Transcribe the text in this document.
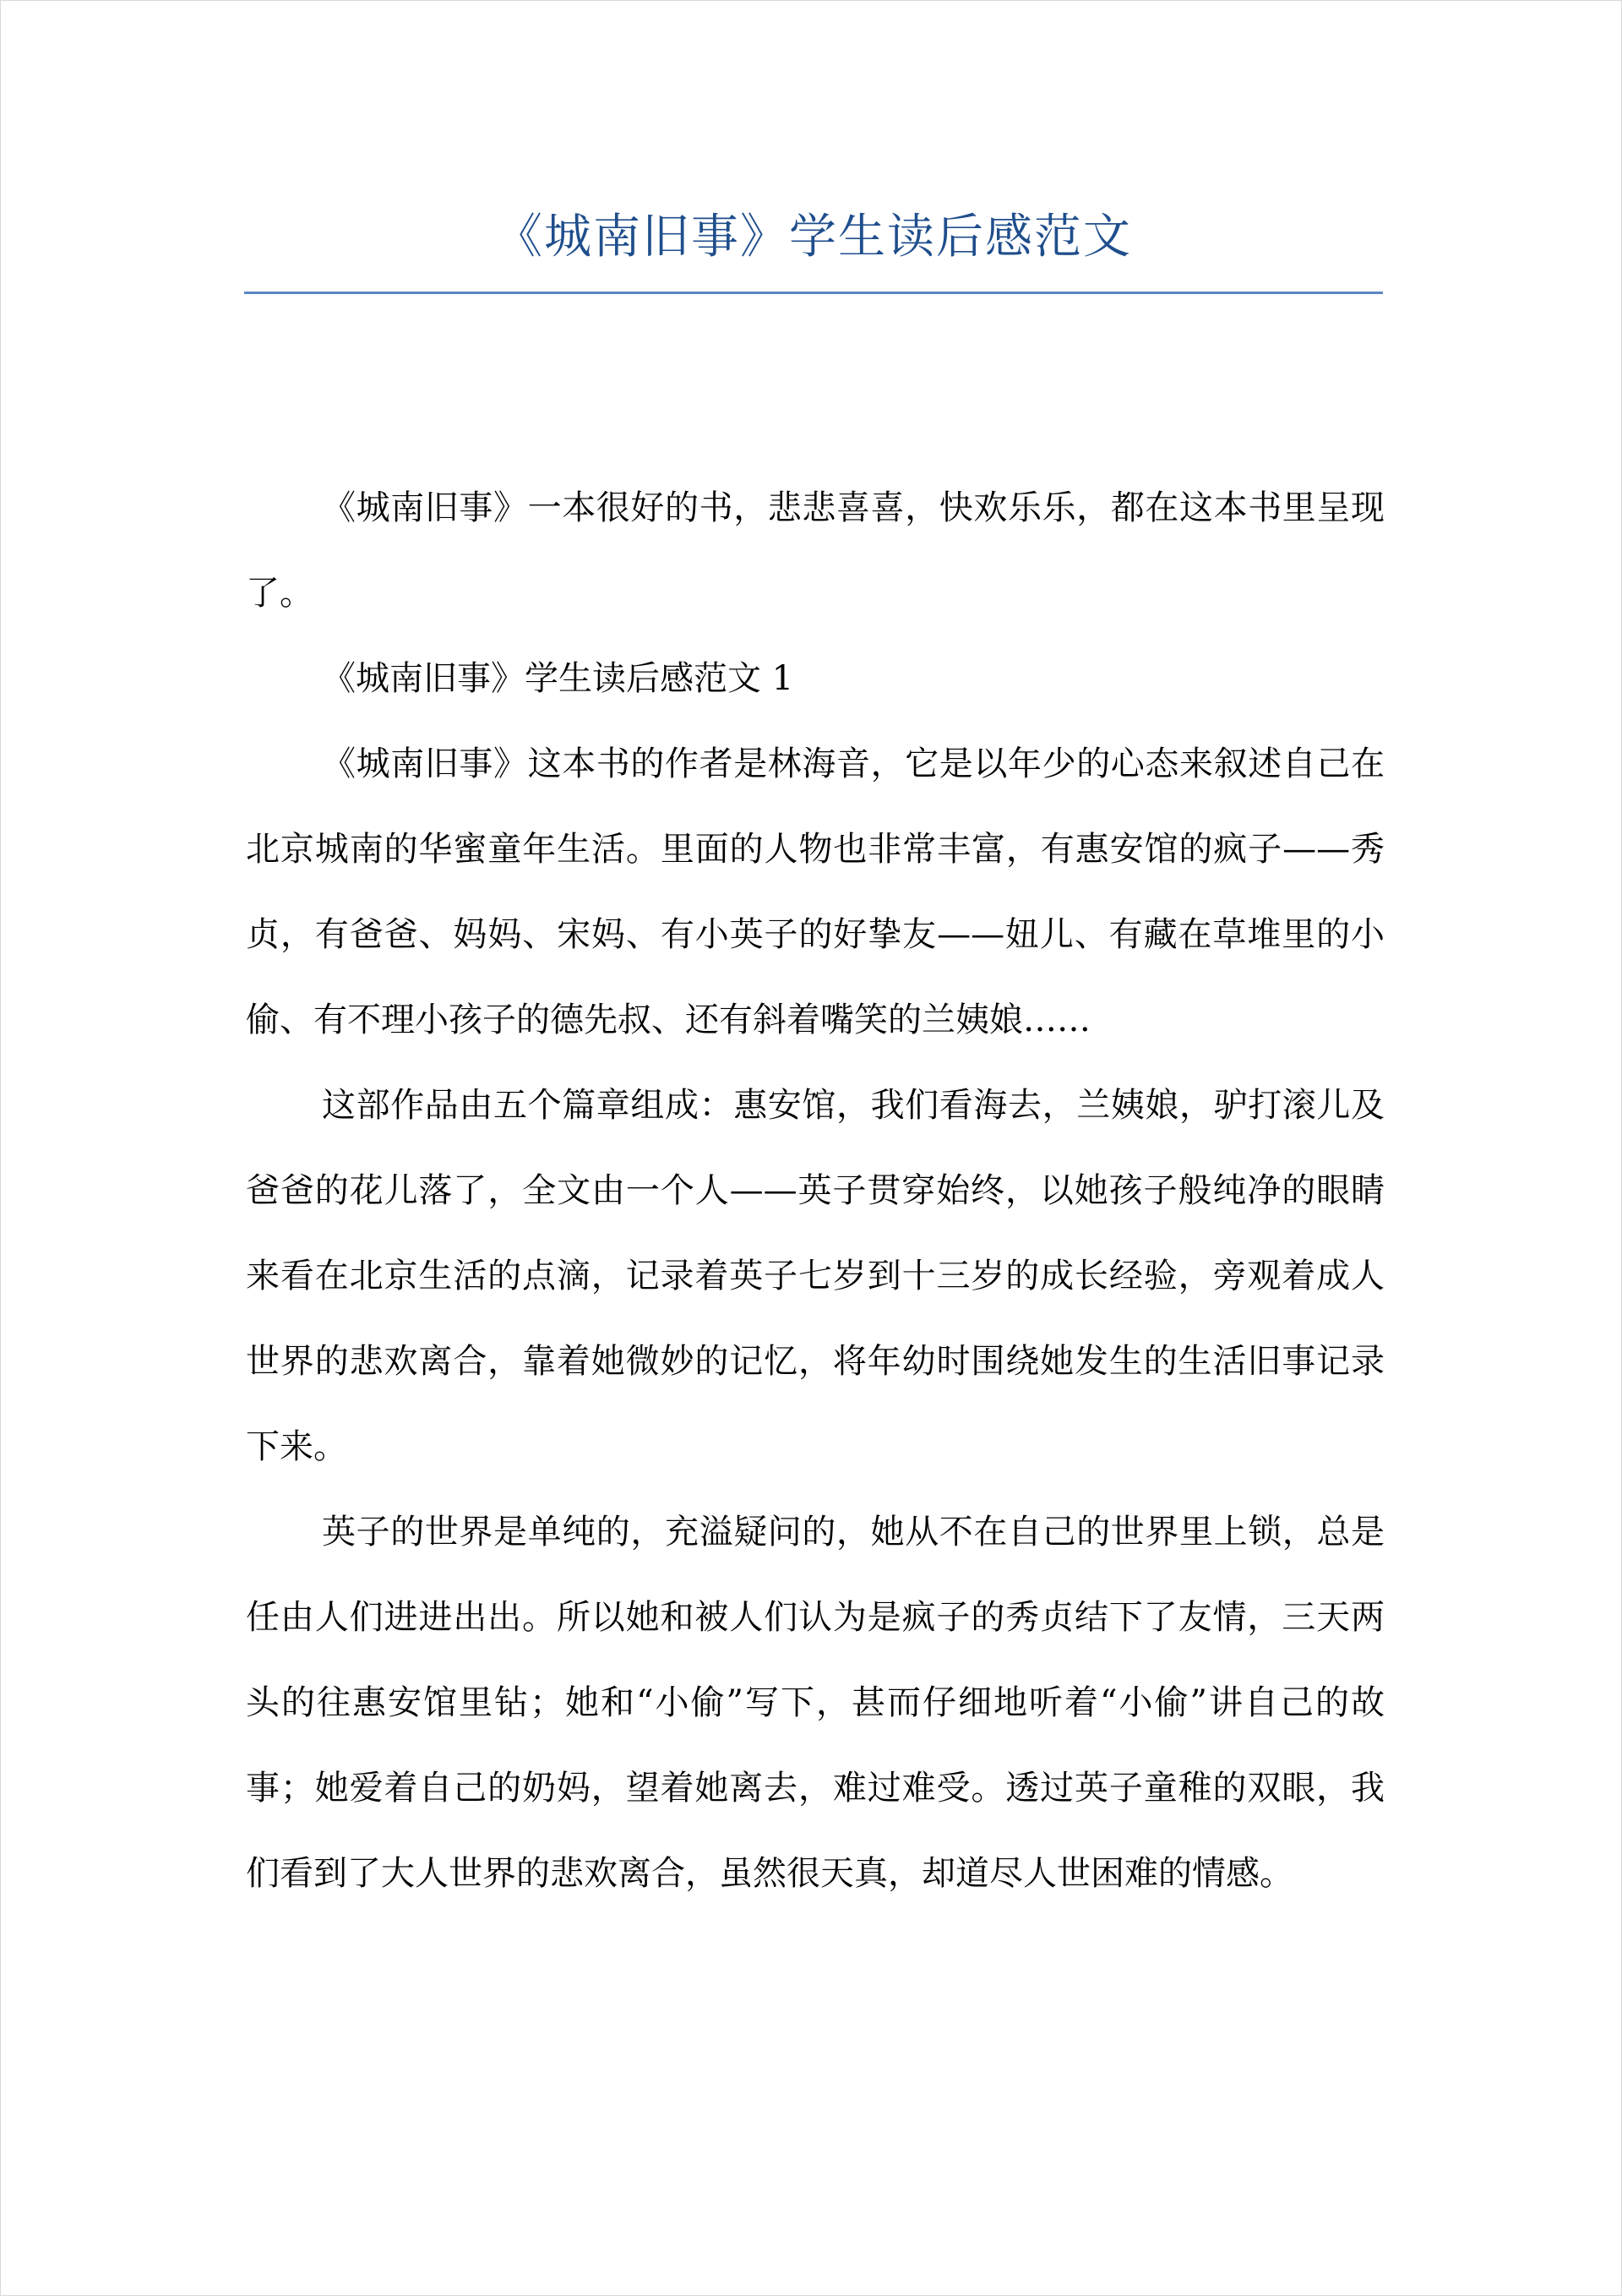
《城南旧事》学生读后感范文

《城南旧事》一本很好的书，悲悲喜喜，快欢乐乐，都在这本书里呈现了。

《城南旧事》学生读后感范文 1

《城南旧事》这本书的作者是林海音，它是以年少的心态来叙述自己在北京城南的华蜜童年生活。里面的人物也非常丰富，有惠安馆的疯子——秀贞，有爸爸、妈妈、宋妈、有小英子的好挚友——妞儿、有藏在草堆里的小偷、有不理小孩子的德先叔、还有斜着嘴笑的兰姨娘……

这部作品由五个篇章组成：惠安馆，我们看海去，兰姨娘，驴打滚儿及爸爸的花儿落了，全文由一个人——英子贯穿始终，以她孩子般纯净的眼睛来看在北京生活的点滴，记录着英子七岁到十三岁的成长经验，旁观着成人世界的悲欢离合，靠着她微妙的记忆，将年幼时围绕她发生的生活旧事记录下来。

英子的世界是单纯的，充溢疑问的，她从不在自己的世界里上锁，总是任由人们进进出出。所以她和被人们认为是疯子的秀贞结下了友情，三天两头的往惠安馆里钻；她和“小偷”写下，甚而仔细地听着“小偷”讲自己的故事；她爱着自己的奶妈，望着她离去，难过难受。透过英子童稚的双眼，我们看到了大人世界的悲欢离合，虽然很天真，却道尽人世困难的情感。
